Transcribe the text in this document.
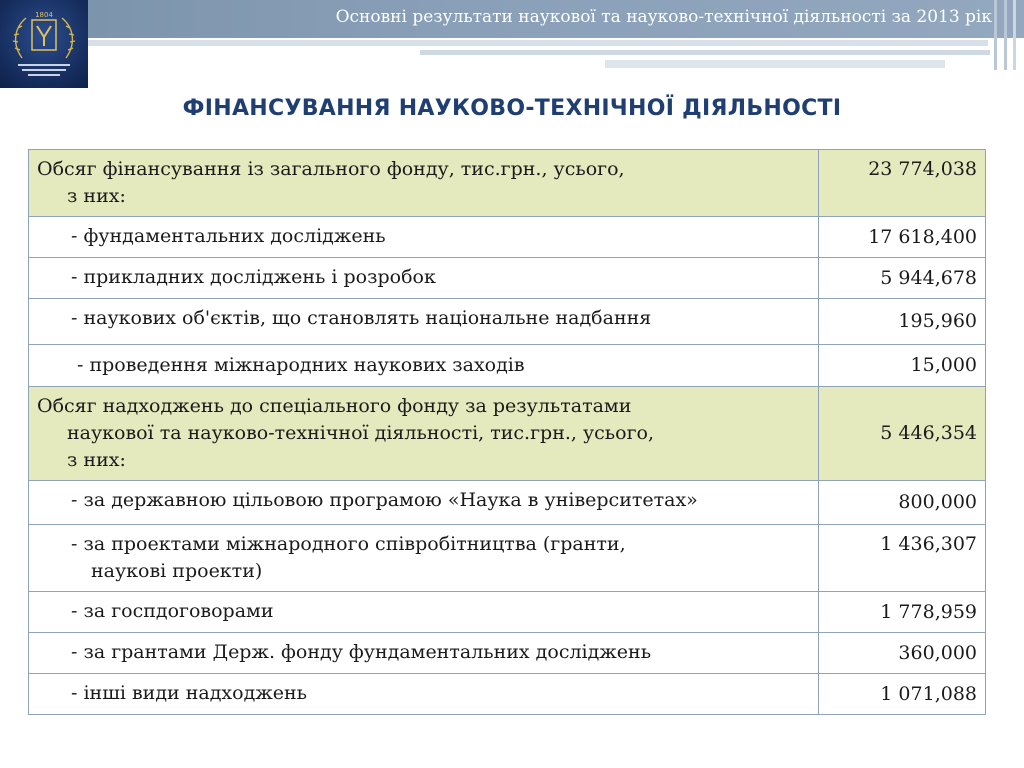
1804	Основні результати наукової та науково-технічної діяльності за 2013 рік
ФІНАНСУВАННЯ НАУКОВО-ТЕХНІЧНОЇ ДІЯЛЬНОСТІ
Обсяг фінансування із загального фонду, тис.грн., усього,
з них:	23 774,038
- фундаментальних досліджень	17 618,400
- прикладних досліджень і розробок	5 944,678
- наукових об'єктів, що становлять національне надбання	195,960
- проведення міжнародних наукових заходів	15,000
Обсяг надходжень до спеціального фонду за результатами
наукової та науково-технічної діяльності, тис.грн., усього,
з них:	5 446,354
- за державною цільовою програмою «Наука в університетах»	800,000
- за проектами міжнародного співробітництва (гранти,
наукові проекти)	1 436,307
- за госпдоговорами	1 778,959
- за грантами Держ. фонду фундаментальних досліджень	360,000
- інші види надходжень	1 071,088
